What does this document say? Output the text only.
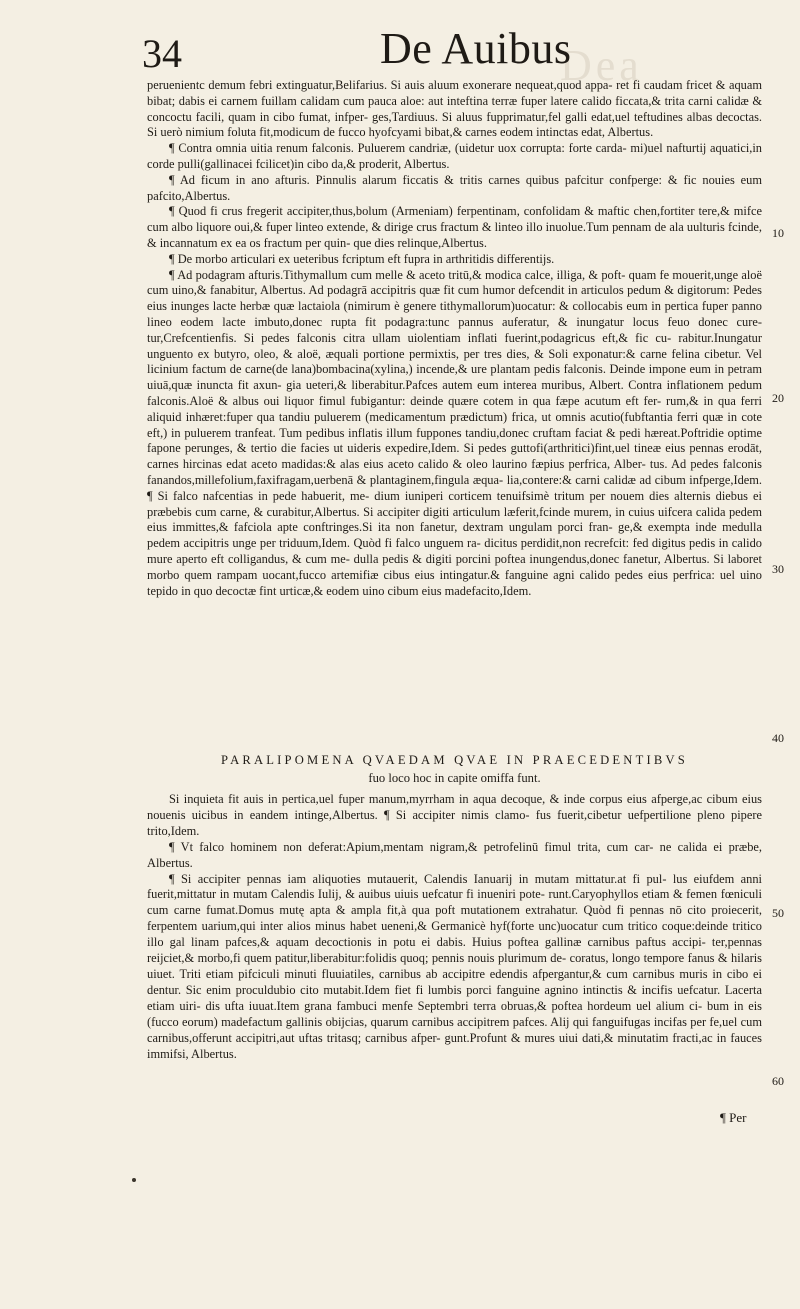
Dea
34	De Auibus

peruenientc demum febri extinguatur,Belifarius. Si auis aluum exonerare nequeat,quod appa- ret fi caudam fricet & aquam bibat; dabis ei carnem fuillam calidam cum pauca aloe: aut inteftina terræ fuper latere calido ficcata,& trita carni calidæ & concoctu facili, quam in cibo fumat, infper- ges,Tardiuus. Si aluus fupprimatur,fel galli edat,uel teftudines albas decoctas. Si uerò nimium foluta fit,modicum de fucco hyofcyami bibat,& carnes eodem intinctas edat, Albertus.

¶ Contra omnia uitia renum falconis. Puluerem candriæ, (uidetur uox corrupta: forte carda- mi)uel nafturtij aquatici,in corde pulli(gallinacei fcilicet)in cibo da,& proderit, Albertus.

¶ Ad ficum in ano afturis. Pinnulis alarum ficcatis & tritis carnes quibus pafcitur confperge: & fic nouies eum pafcito,Albertus.

¶ Quod fi crus fregerit accipiter,thus,bolum (Armeniam) ferpentinam, confolidam & maftic chen,fortiter tere,& mifce cum albo liquore oui,& fuper linteo extende, & dirige crus fractum & linteo illo inuolue.Tum pennam de ala uulturis fcinde, & incannatum ex ea os fractum per quin- que dies relinque,Albertus.

¶ De morbo articulari ex ueteribus fcriptum eft fupra in arthritidis differentijs.

¶ Ad podagram afturis.Tithymallum cum melle & aceto tritū,& modica calce, illiga, & poft- quam fe mouerit,unge aloë cum uino,& fanabitur, Albertus. Ad podagrā accipitris quæ fit cum humor defcendit in articulos pedum & digitorum: Pedes eius inunges lacte herbæ quæ lactaiola (nimirum è genere tithymallorum)uocatur: & collocabis eum in pertica fuper panno lineo eodem lacte imbuto,donec rupta fit podagra:tunc pannus auferatur, & inungatur locus feuo donec cure- tur,Crefcentienfis. Si pedes falconis citra ullam uiolentiam inflati fuerint,podagricus eft,& fic cu- rabitur.Inungatur unguento ex butyro, oleo, & aloë, æquali portione permixtis, per tres dies, & Soli exponatur:& carne felina cibetur. Vel licinium factum de carne(de lana)bombacina(xylina,) incende,& ure plantam pedis falconis. Deinde impone eum in petram uiuā,quæ inuncta fit axun- gia ueteri,& liberabitur.Pafces autem eum interea muribus, Albert. Contra inflationem pedum falconis.Aloë & albus oui liquor fimul fubigantur: deinde quære cotem in qua fæpe acutum eft fer- rum,& in qua ferri aliquid inhæret:fuper qua tandiu puluerem (medicamentum prædictum) frica, ut omnis acutio(fubftantia ferri quæ in cote eft,) in puluerem tranfeat. Tum pedibus inflatis illum fuppones tandiu,donec cruftam faciat & pedi hæreat.Poftridie optime fapone perunges, & tertio die facies ut uideris expedire,Idem. Si pedes guttofi(arthritici)fint,uel tineæ eius pennas erodāt, carnes hircinas edat aceto madidas:& alas eius aceto calido & oleo laurino fæpius perfrica, Alber- tus. Ad pedes falconis fanandos,millefolium,faxifragam,uerbenā & plantaginem,fingula æqua- lia,contere:& carni calidæ ad cibum infperge,Idem. ¶ Si falco nafcentias in pede habuerit, me- dium iuniperi corticem tenuifsimè tritum per nouem dies alternis diebus ei præbebis cum carne, & curabitur,Albertus. Si accipiter digiti articulum læferit,fcinde murem, in cuius uifcera calida pedem eius immittes,& fafciola apte conftringes.Si ita non fanetur, dextram ungulam porci fran- ge,& exempta inde medulla pedem accipitris unge per triduum,Idem. Quòd fi falco unguem ra- dicitus perdidit,non recrefcit: fed digitus pedis in calido mure aperto eft colligandus, & cum me- dulla pedis & digiti porcini poftea inungendus,donec fanetur, Albertus. Si laboret morbo quem rampam uocant,fucco artemifiæ cibus eius intingatur.& fanguine agni calido pedes eius perfrica: uel uino tepido in quo decoctæ fint urticæ,& eodem uino cibum eius madefacito,Idem.

PARALIPOMENA QVAEDAM QVAE IN PRAECEDENTIBVS
fuo loco hoc in capite omiffa funt.

Si inquieta fit auis in pertica,uel fuper manum,myrrham in aqua decoque, & inde corpus eius afperge,ac cibum eius nouenis uicibus in eandem intinge,Albertus. ¶ Si accipiter nimis clamo- fus fuerit,cibetur uefpertilione pleno pipere trito,Idem.

¶ Vt falco hominem non deferat:Apium,mentam nigram,& petrofelinū fimul trita, cum car- ne calida ei præbe, Albertus.

¶ Si accipiter pennas iam aliquoties mutauerit, Calendis Ianuarij in mutam mittatur.at fi pul- lus eiufdem anni fuerit,mittatur in mutam Calendis Iulij, & auibus uiuis uefcatur fi inueniri pote- runt.Caryophyllos etiam & femen fœniculi cum carne fumat.Domus mutę apta & ampla fit,à qua poft mutationem extrahatur. Quòd fi pennas nō cito proiecerit, ferpentem uarium,qui inter alios minus habet ueneni,& Germanicè hyf(forte unc)uocatur cum tritico coque:deinde tritico illo gal linam pafces,& aquam decoctionis in potu ei dabis. Huius poftea gallinæ carnibus paftus accipi- ter,pennas reijciet,& morbo,fi quem patitur,liberabitur:folidis quoq; pennis nouis plurimum de- coratus, longo tempore fanus & hilaris uiuet. Triti etiam pifciculi minuti fluuiatiles, carnibus ab accipitre edendis afpergantur,& cum carnibus muris in cibo ei dentur. Sic enim proculdubio cito mutabit.Idem fiet fi lumbis porci fanguine agnino intinctis & incifis uefcatur. Lacerta etiam uiri- dis ufta iuuat.Item grana fambuci menfe Septembri terra obruas,& poftea hordeum uel alium ci- bum in eis (fucco eorum) madefactum gallinis obijcias, quarum carnibus accipitrem pafces. Alij qui fanguifugas incifas per fe,uel cum carnibus,offerunt accipitri,aut uftas tritasq; carnibus afper- gunt.Profunt & mures uiui dati,& minutatim fracti,ac in fauces immifsi, Albertus.

10
20
30
40
50
60
¶ Per
